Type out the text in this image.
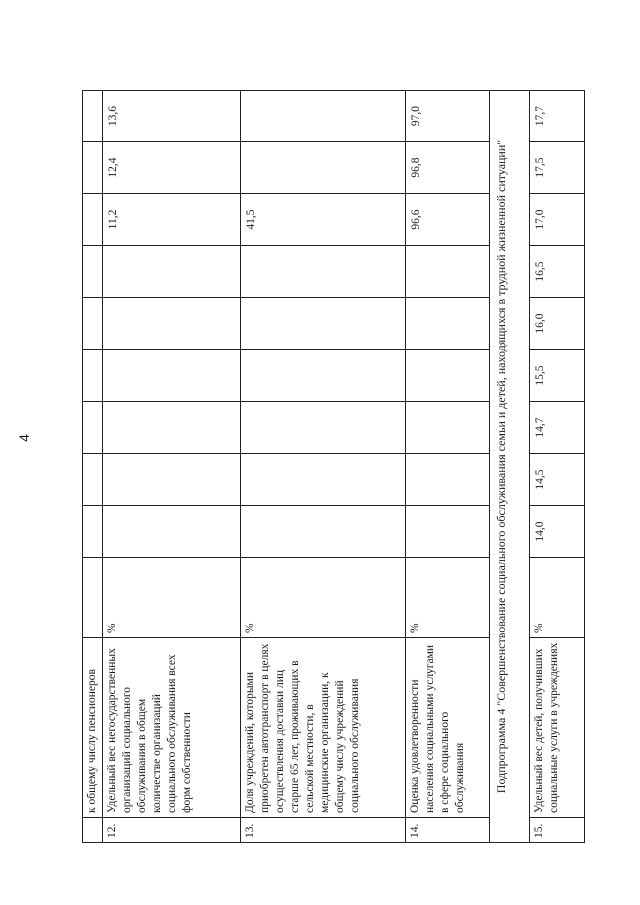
4
	к общему числу пенсионеров										
12.	Удельный вес негосударственных организаций социального обслуживания в общем количестве организаций социального обслуживания всех форм собственности	%							11,2	12,4	13,6
13.	Доля учреждений, которыми приобретен автотранспорт в целях осуществления доставки лиц старше 65 лет, проживающих в сельской местности, в медицинские организации, к общему числу учреждений социального обслуживания	%							41,5		
14.	Оценка удовлетворенности населения социальными услугами в сфере социального обслуживания	%							96,6	96,8	97,0
Подпрограмма 4 "Совершенствование социального обслуживания семьи и детей, находящихся в трудной жизненной ситуации"											
15.	Удельный вес детей, получивших социальные услуги в учреждениях	%	14,0	14,5	14,7	15,5	16,0	16,5	17,0	17,5	17,7
